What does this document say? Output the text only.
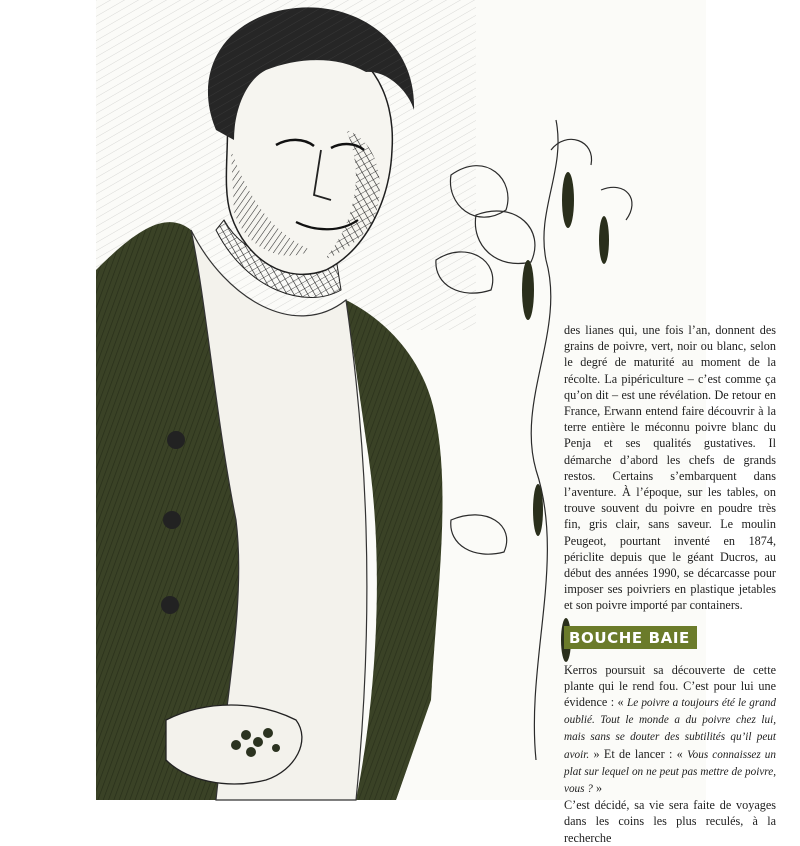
des lianes qui, une fois l’an, donnent des grains de poivre, vert, noir ou blanc, selon le degré de maturité au moment de la récolte. La pipériculture – c’est comme ça qu’on dit – est une révélation. De retour en France, Erwann entend faire découvrir à la terre entière le méconnu poivre blanc du Penja et ses qualités gustatives. Il démarche d’abord les chefs de grands restos. Certains s’embarquent dans l’aventure. À l’époque, sur les tables, on trouve souvent du poivre en poudre très fin, gris clair, sans saveur. Le moulin Peugeot, pourtant inventé en 1874, périclite depuis que le géant Ducros, au début des années 1990, se décarcasse pour imposer ses poivriers en plastique jetables et son poivre importé par containers.

BOUCHE BAIE

Kerros poursuit sa découverte de cette plante qui le rend fou. C’est pour lui une évidence : « Le poivre a toujours été le grand oublié. Tout le monde a du poivre chez lui, mais sans se douter des subtilités qu’il peut avoir. » Et de lancer : « Vous connaissez un plat sur lequel on ne peut pas mettre de poivre, vous ? »

C’est décidé, sa vie sera faite de voyages dans les coins les plus reculés, à la recherche
